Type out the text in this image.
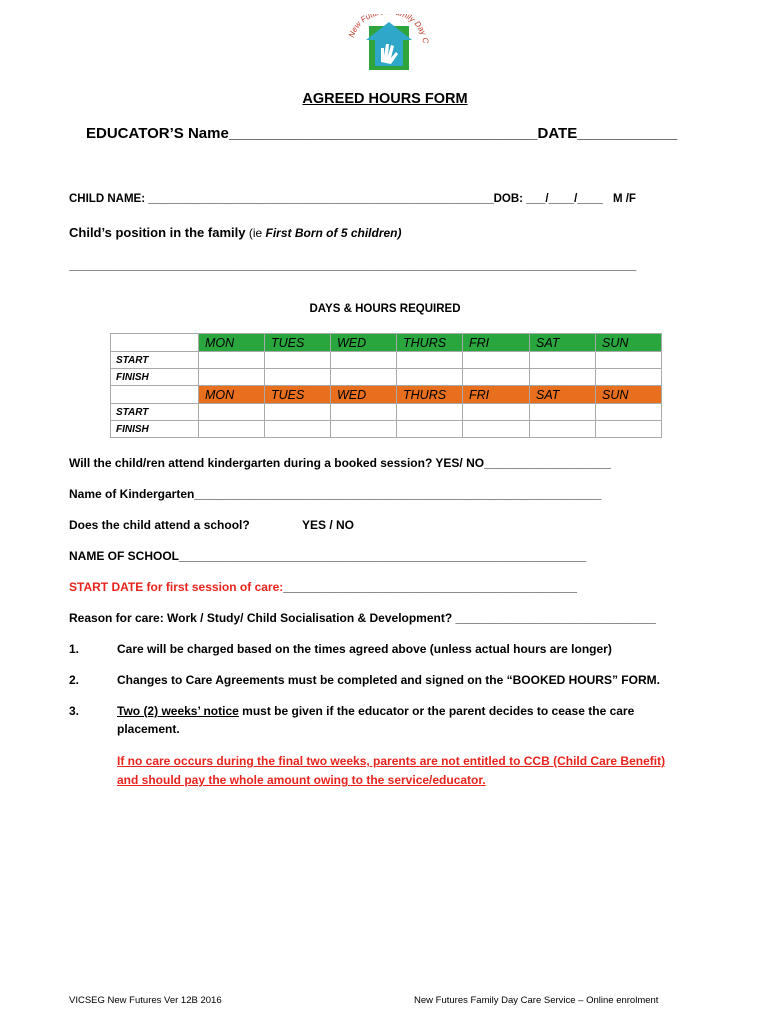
New Fut mily Day
AGREED HOURS FORM
EDUCATOR’S Name_____________________________________DATE____________
CHILD NAME: ______________________________________________________DOB: ___/____/____ M /F
Child’s position in the family (ie First Born of 5 children)
_____________________________________________________________________________________
DAYS & HOURS REQUIRED
	MON	TUES	WED	THURS	FRI	SAT	SUN
START							
FINISH							
	MON	TUES	WED	THURS	FRI	SAT	SUN
START							
FINISH							
Will the child/ren attend kindergarten during a booked session? YES/ NO___________________
Name of Kindergarten_____________________________________________________________
Does the child attend a school?	YES / NO
NAME OF SCHOOL_____________________________________________________________
START DATE for first session of care:____________________________________________
Reason for care: Work / Study/ Child Socialisation & Development? ______________________________
1.	Care will be charged based on the times agreed above (unless actual hours are longer)
2.	Changes to Care Agreements must be completed and signed on the “BOOKED HOURS” FORM.
3.	Two (2) weeks’ notice must be given if the educator or the parent decides to cease the care
placement.
If no care occurs during the final two weeks, parents are not entitled to CCB (Child Care Benefit)
and should pay the whole amount owing to the service/educator.
VICSEG New Futures Ver 12B 2016	New Futures Family Day Care Service – Online enrolment
